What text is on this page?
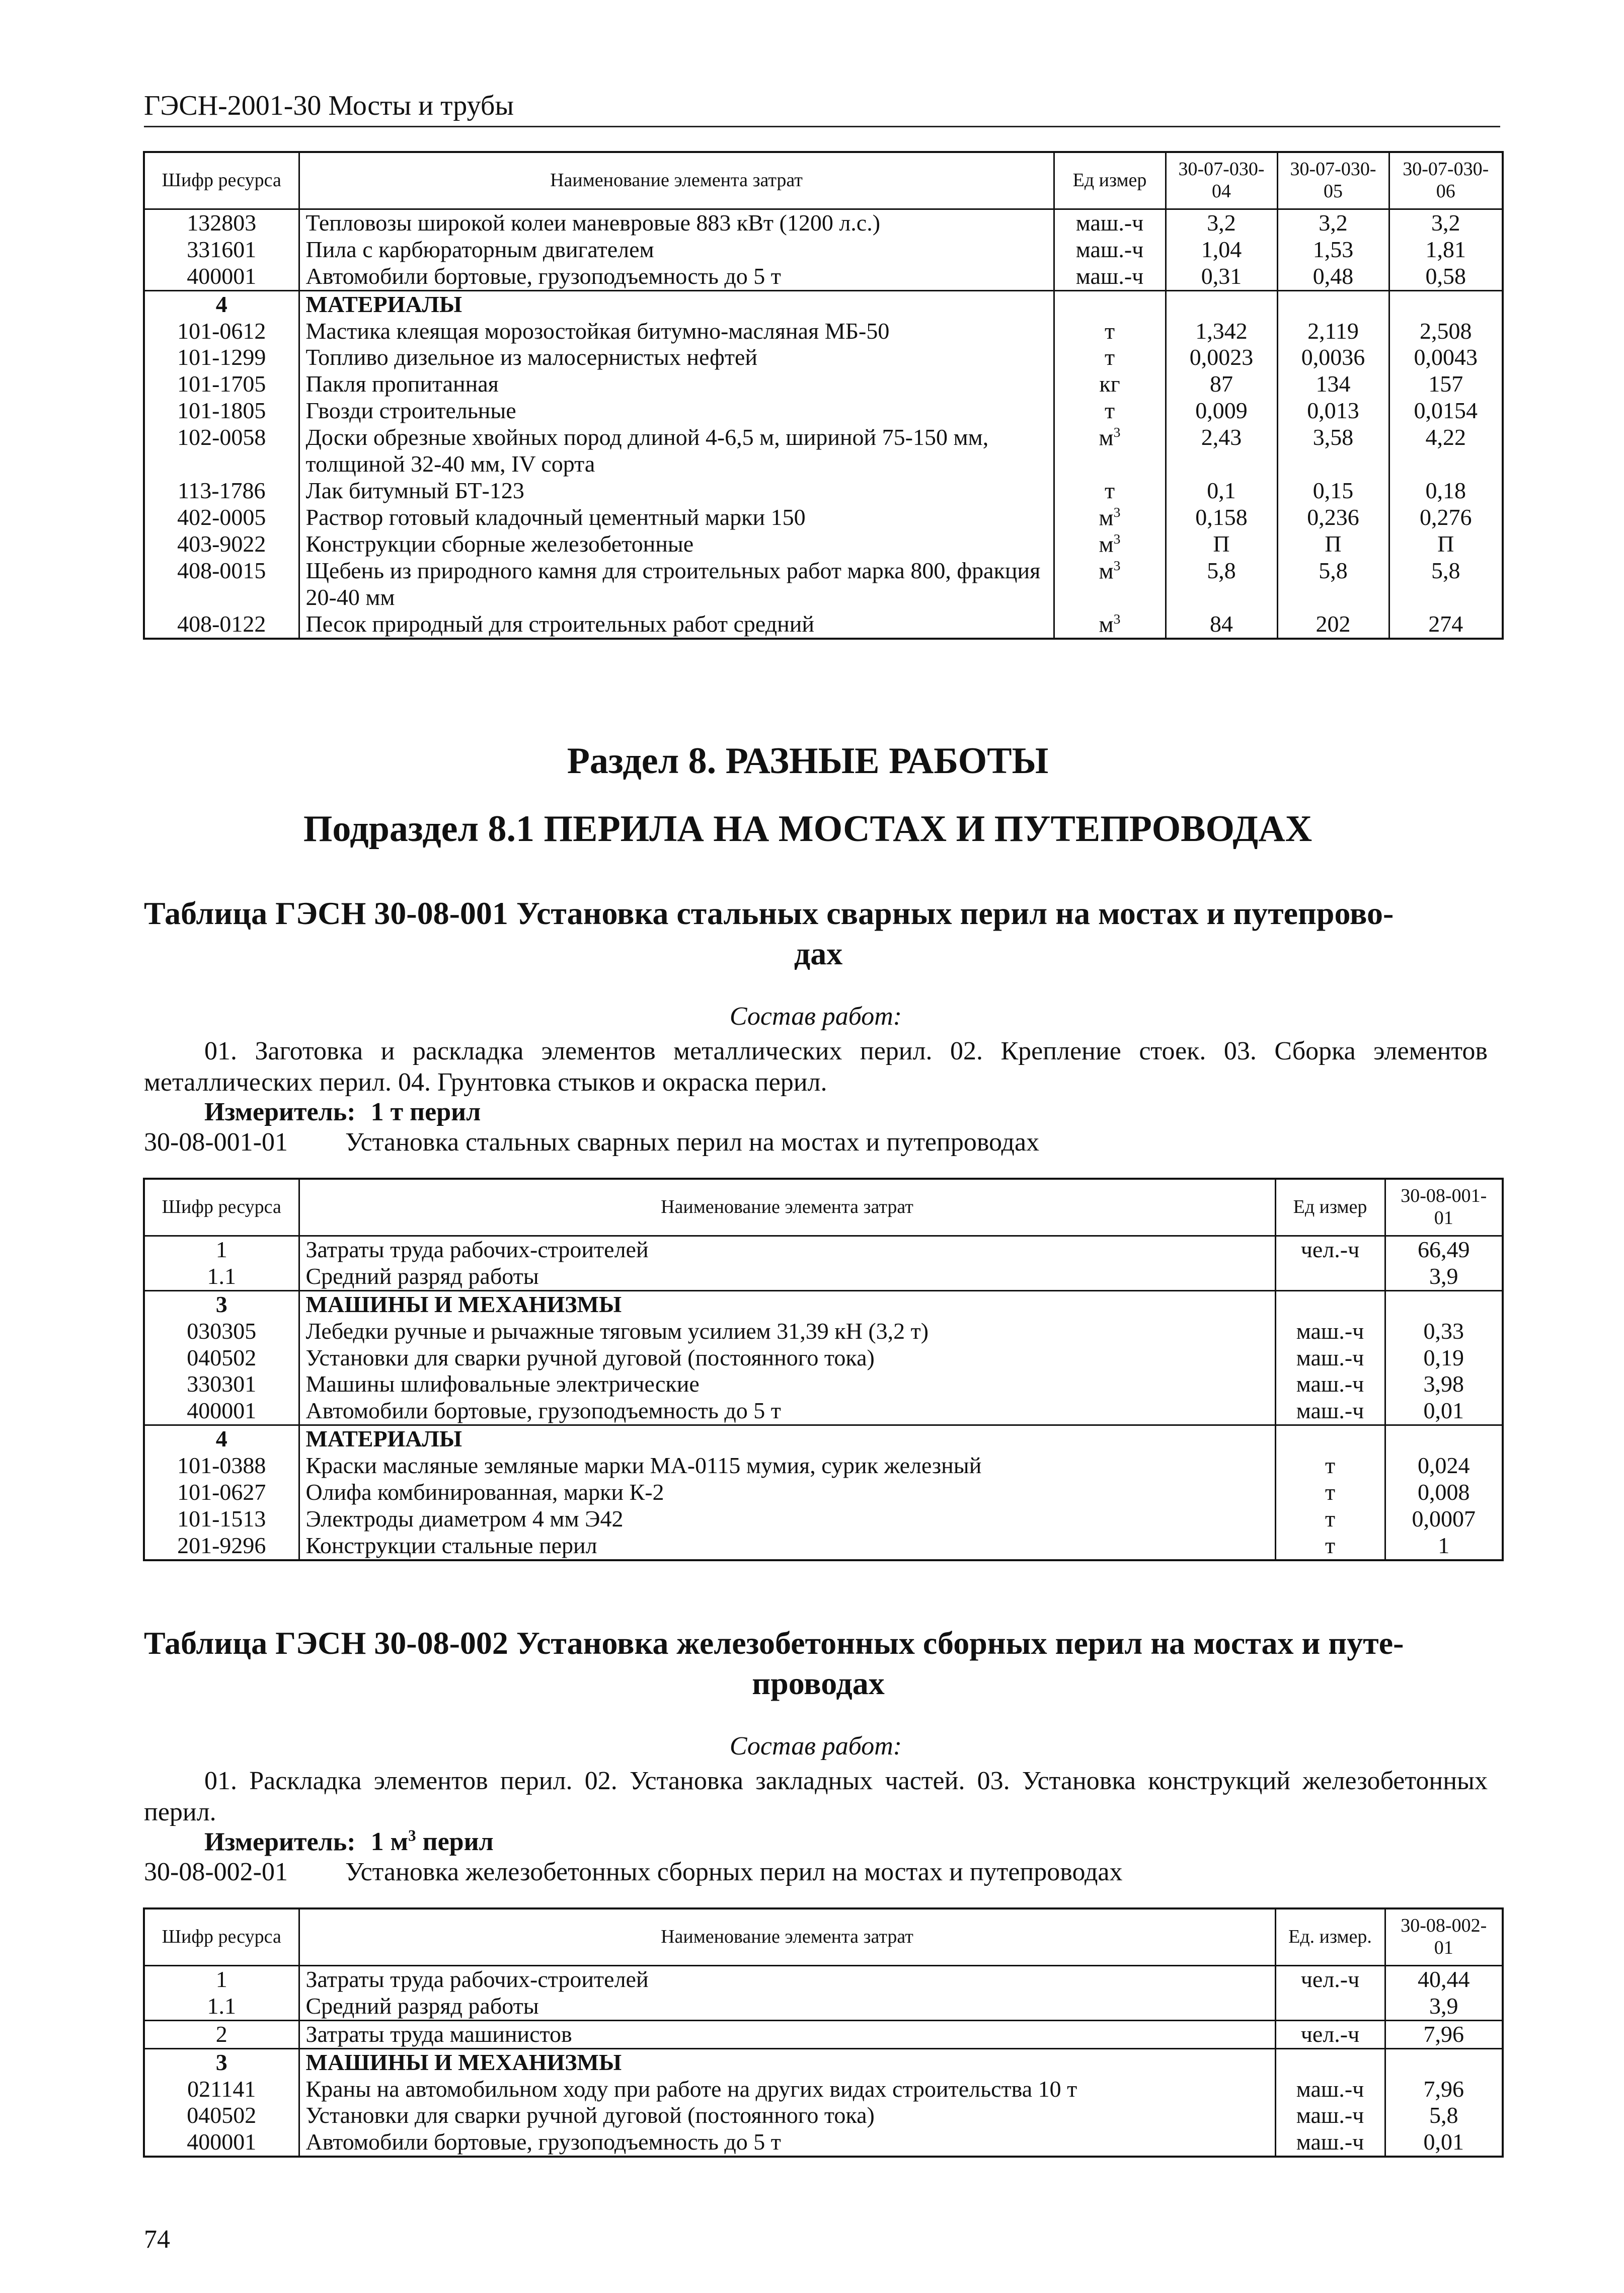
ГЭСН-2001-30 Мосты и трубы
Шифр ресурса	Наименование элемента затрат	Ед измер	30-07-030-04	30-07-030-05	30-07-030-06
132803	Тепловозы широкой колеи маневровые 883 кВт (1200 л.с.)	маш.-ч	3,2	3,2	3,2
331601	Пила с карбюраторным двигателем	маш.-ч	1,04	1,53	1,81
400001	Автомобили бортовые, грузоподъемность до 5 т	маш.-ч	0,31	0,48	0,58
4	МАТЕРИАЛЫ				
101-0612	Мастика клеящая морозостойкая битумно-масляная МБ-50	т	1,342	2,119	2,508
101-1299	Топливо дизельное из малосернистых нефтей	т	0,0023	0,0036	0,0043
101-1705	Пакля пропитанная	кг	87	134	157
101-1805	Гвозди строительные	т	0,009	0,013	0,0154
102-0058	Доски обрезные хвойных пород длиной 4-6,5 м, шириной 75-150 мм, толщиной 32-40 мм, IV сорта	$м^3$	2,43	3,58	4,22
113-1786	Лак битумный БТ-123	т	0,1	0,15	0,18
402-0005	Раствор готовый кладочный цементный марки 150	$м^3$	0,158	0,236	0,276
403-9022	Конструкции сборные железобетонные	$м^3$	П	П	П
408-0015	Щебень из природного камня для строительных работ марка 800, фракция 20-40 мм	$м^3$	5,8	5,8	5,8
408-0122	Песок природный для строительных работ средний	$м^3$	84	202	274
Раздел 8. РАЗНЫЕ РАБОТЫ
Подраздел 8.1 ПЕРИЛА НА МОСТАХ И ПУТЕПРОВОДАХ
Таблица ГЭСН 30-08-001 Установка стальных сварных перил на мостах и путепрово-
дах
Состав работ:
01. Заготовка и раскладка элементов металлических перил. 02. Крепление стоек. 03. Сборка элементов металлических перил. 04. Грунтовка стыков и окраска перил.
Измеритель: 1 т перил
30-08-001-01 Установка стальных сварных перил на мостах и путепроводах
Шифр ресурса	Наименование элемента затрат	Ед измер	30-08-001-01
1	Затраты труда рабочих-строителей	чел.-ч	66,49
1.1	Средний разряд работы		3,9
3	МАШИНЫ И МЕХАНИЗМЫ		
030305	Лебедки ручные и рычажные тяговым усилием 31,39 кН (3,2 т)	маш.-ч	0,33
040502	Установки для сварки ручной дуговой (постоянного тока)	маш.-ч	0,19
330301	Машины шлифовальные электрические	маш.-ч	3,98
400001	Автомобили бортовые, грузоподъемность до 5 т	маш.-ч	0,01
4	МАТЕРИАЛЫ		
101-0388	Краски масляные земляные марки МА-0115 мумия, сурик железный	т	0,024
101-0627	Олифа комбинированная, марки К-2	т	0,008
101-1513	Электроды диаметром 4 мм Э42	т	0,0007
201-9296	Конструкции стальные перил	т	1
Таблица ГЭСН 30-08-002 Установка железобетонных сборных перил на мостах и путе-
проводах
Состав работ:
01. Раскладка элементов перил. 02. Установка закладных частей. 03. Установка конструкций железобетонных перил.
Измеритель: 1 $м^3$ перил
30-08-002-01 Установка железобетонных сборных перил на мостах и путепроводах
Шифр ресурса	Наименование элемента затрат	Ед. измер.	30-08-002-01
1	Затраты труда рабочих-строителей	чел.-ч	40,44
1.1	Средний разряд работы		3,9
2	Затраты труда машинистов	чел.-ч	7,96
3	МАШИНЫ И МЕХАНИЗМЫ		
021141	Краны на автомобильном ходу при работе на других видах строительства 10 т	маш.-ч	7,96
040502	Установки для сварки ручной дуговой (постоянного тока)	маш.-ч	5,8
400001	Автомобили бортовые, грузоподъемность до 5 т	маш.-ч	0,01
74
